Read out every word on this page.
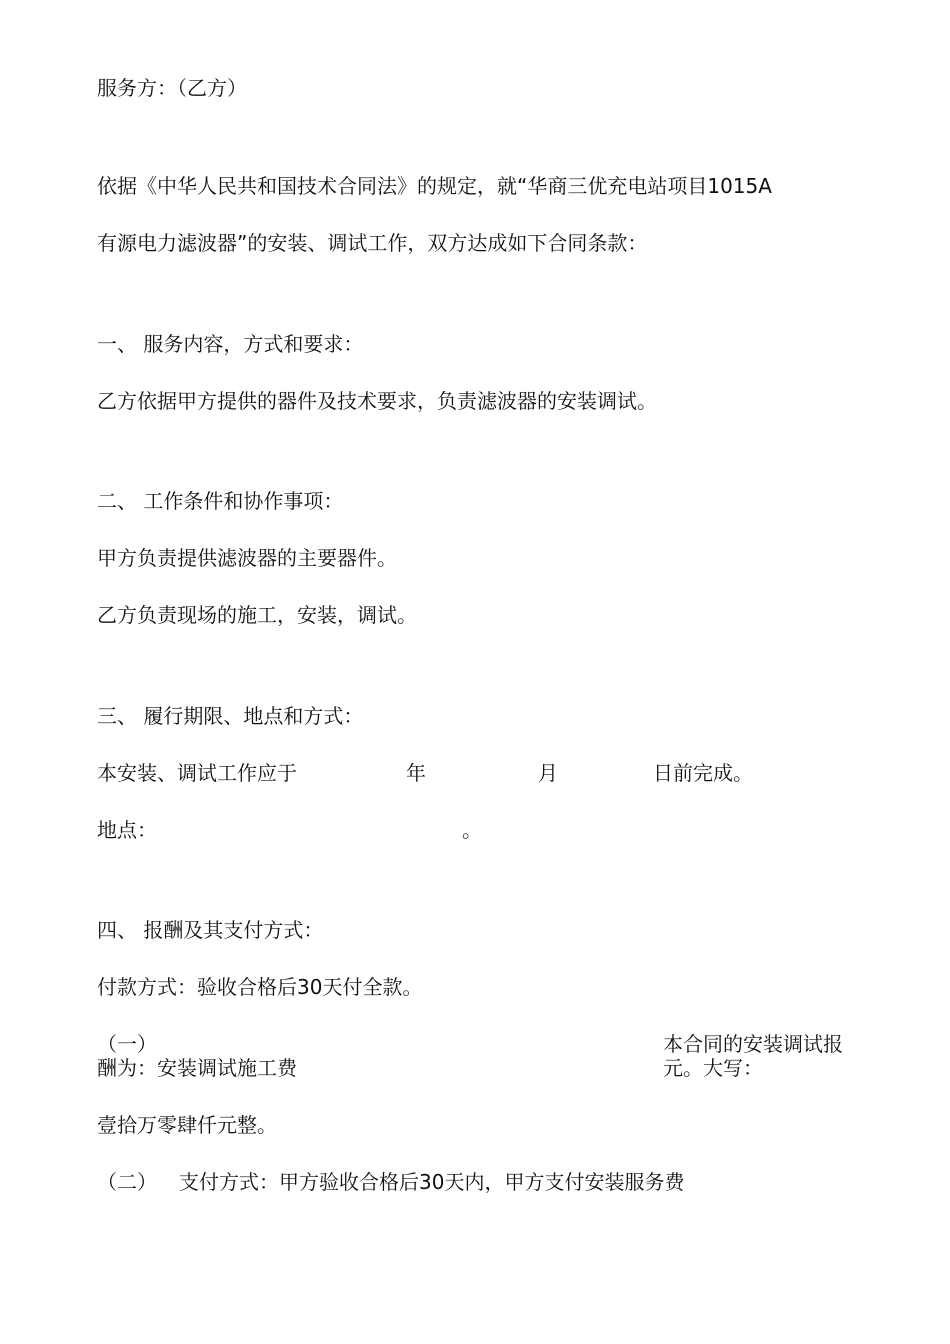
服务方：（乙方）
依据《中华人民共和国技术合同法》的规定，就“华商三优充电站项目1015A
有源电力滤波器”的安装、调试工作，双方达成如下合同条款：
一、 服务内容，方式和要求：
乙方依据甲方提供的器件及技术要求，负责滤波器的安装调试。
二、 工作条件和协作事项：
甲方负责提供滤波器的主要器件。
乙方负责现场的施工，安装，调试。
三、 履行期限、地点和方式：
本安装、调试工作应于	年	月	日前完成。
地点：	。
四、 报酬及其支付方式：
付款方式：验收合格后30天付全款。
（一）
酬为：安装调试施工费
本合同的安装调试报元。大写：
壹拾万零肆仟元整。
（二） 支付方式：甲方验收合格后30天内，甲方支付安装服务费
